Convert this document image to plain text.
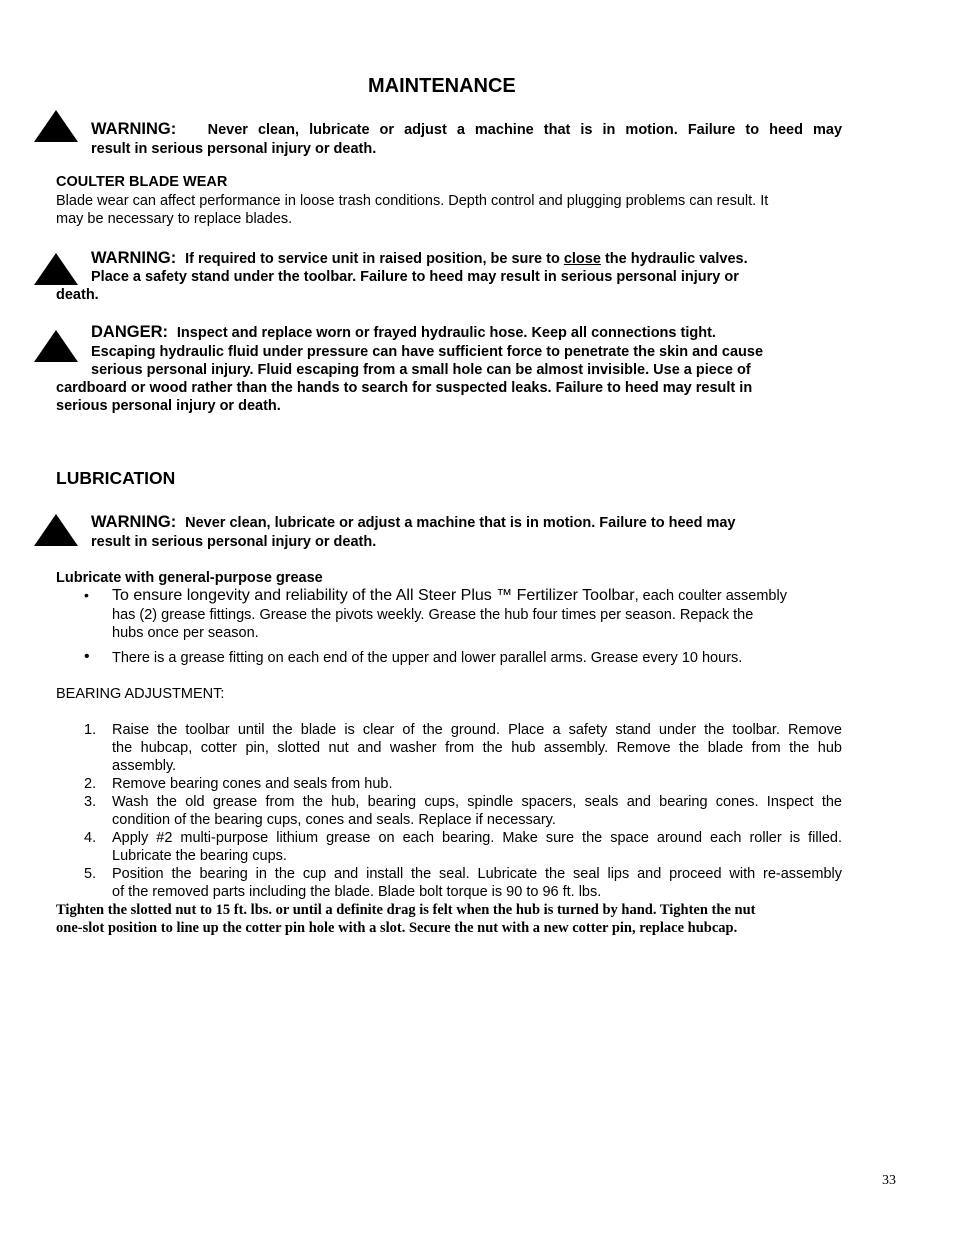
MAINTENANCE
WARNING: Never clean, lubricate or adjust a machine that is in motion. Failure to heed may
result in serious personal injury or death.
COULTER BLADE WEAR
Blade wear can affect performance in loose trash conditions. Depth control and plugging problems can result. It
may be necessary to replace blades.
WARNING: If required to service unit in raised position, be sure to close the hydraulic valves.
Place a safety stand under the toolbar. Failure to heed may result in serious personal injury or
death.
DANGER: Inspect and replace worn or frayed hydraulic hose. Keep all connections tight.
Escaping hydraulic fluid under pressure can have sufficient force to penetrate the skin and cause
serious personal injury. Fluid escaping from a small hole can be almost invisible. Use a piece of
cardboard or wood rather than the hands to search for suspected leaks. Failure to heed may result in
serious personal injury or death.
LUBRICATION
WARNING: Never clean, lubricate or adjust a machine that is in motion. Failure to heed may
result in serious personal injury or death.
Lubricate with general-purpose grease
• To ensure longevity and reliability of the All Steer Plus ™ Fertilizer Toolbar, each coulter assembly
has (2) grease fittings. Grease the pivots weekly. Grease the hub four times per season. Repack the
hubs once per season.
• There is a grease fitting on each end of the upper and lower parallel arms. Grease every 10 hours.
BEARING ADJUSTMENT:
1. Raise the toolbar until the blade is clear of the ground. Place a safety stand under the toolbar. Remove
the hubcap, cotter pin, slotted nut and washer from the hub assembly. Remove the blade from the hub
assembly.
2. Remove bearing cones and seals from hub.
3. Wash the old grease from the hub, bearing cups, spindle spacers, seals and bearing cones. Inspect the
condition of the bearing cups, cones and seals. Replace if necessary.
4. Apply #2 multi-purpose lithium grease on each bearing. Make sure the space around each roller is filled.
Lubricate the bearing cups.
5. Position the bearing in the cup and install the seal. Lubricate the seal lips and proceed with re-assembly
of the removed parts including the blade. Blade bolt torque is 90 to 96 ft. lbs.
Tighten the slotted nut to 15 ft. lbs. or until a definite drag is felt when the hub is turned by hand. Tighten the nut
one-slot position to line up the cotter pin hole with a slot. Secure the nut with a new cotter pin, replace hubcap.
33
